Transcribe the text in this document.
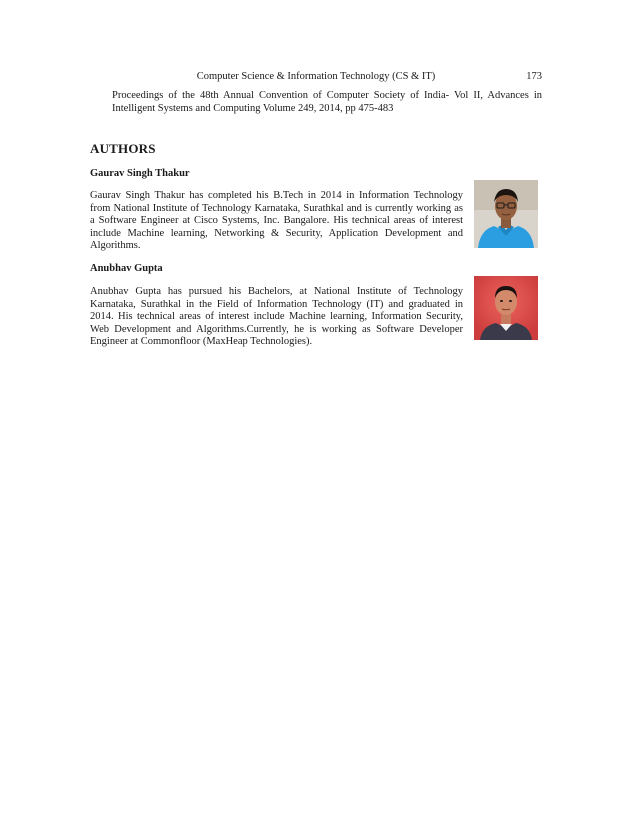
Computer Science & Information Technology (CS & IT)	173
Proceedings of the 48th Annual Convention of Computer Society of India- Vol II, Advances in Intelligent Systems and Computing Volume 249, 2014, pp 475-483
AUTHORS
Gaurav Singh Thakur
Gaurav Singh Thakur has completed his B.Tech in 2014 in Information Technology from National Institute of Technology Karnataka, Surathkal and is currently working as a Software Engineer at Cisco Systems, Inc. Bangalore. His technical areas of interest include Machine learning, Networking & Security, Application Development and Algorithms.
Anubhav Gupta
Anubhav Gupta has pursued his Bachelors, at National Institute of Technology Karnataka, Surathkal in the Field of Information Technology (IT) and graduated in 2014. His technical areas of interest include Machine learning, Information Security, Web Development and Algorithms.Currently, he is working as Software Developer Engineer at Commonfloor (MaxHeap Technologies).
